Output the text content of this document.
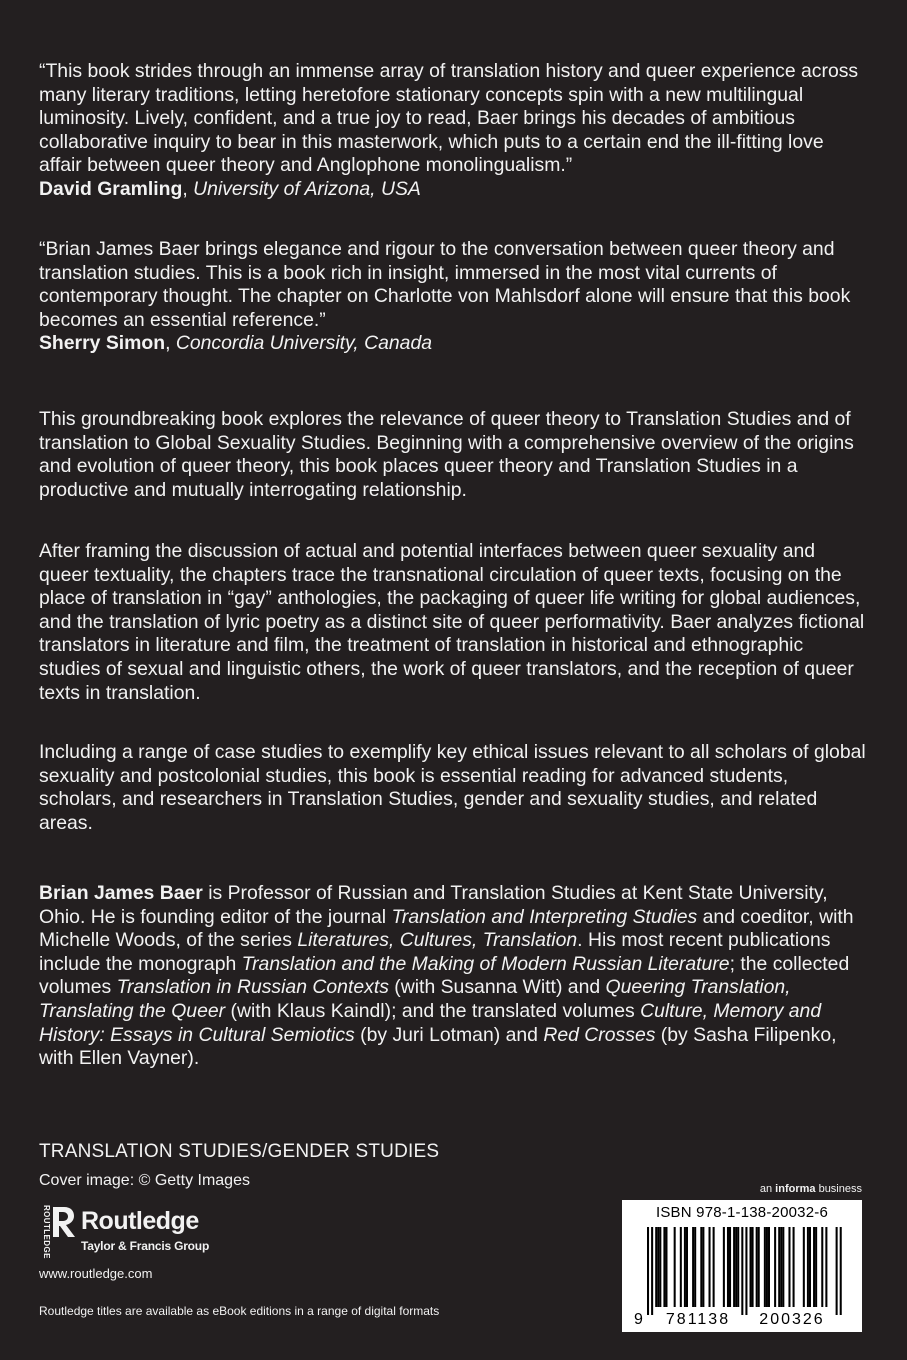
“This book strides through an immense array of translation history and queer experience across many literary traditions, letting heretofore stationary concepts spin with a new multilingual luminosity. Lively, confident, and a true joy to read, Baer brings his decades of ambitious collaborative inquiry to bear in this masterwork, which puts to a certain end the ill-fitting love affair between queer theory and Anglophone monolingualism.”
David Gramling, University of Arizona, USA

“Brian James Baer brings elegance and rigour to the conversation between queer theory and translation studies. This is a book rich in insight, immersed in the most vital currents of contemporary thought. The chapter on Charlotte von Mahlsdorf alone will ensure that this book becomes an essential reference.”
Sherry Simon, Concordia University, Canada

This groundbreaking book explores the relevance of queer theory to Translation Studies and of translation to Global Sexuality Studies. Beginning with a comprehensive overview of the origins and evolution of queer theory, this book places queer theory and Translation Studies in a productive and mutually interrogating relationship.

After framing the discussion of actual and potential interfaces between queer sexuality and queer textuality, the chapters trace the transnational circulation of queer texts, focusing on the place of translation in “gay” anthologies, the packaging of queer life writing for global audiences, and the translation of lyric poetry as a distinct site of queer performativity. Baer analyzes fictional translators in literature and film, the treatment of translation in historical and ethnographic studies of sexual and linguistic others, the work of queer translators, and the reception of queer texts in translation.

Including a range of case studies to exemplify key ethical issues relevant to all scholars of global sexuality and postcolonial studies, this book is essential reading for advanced students, scholars, and researchers in Translation Studies, gender and sexuality studies, and related areas.

Brian James Baer is Professor of Russian and Translation Studies at Kent State University, Ohio. He is founding editor of the journal Translation and Interpreting Studies and coeditor, with Michelle Woods, of the series Literatures, Cultures, Translation. His most recent publications include the monograph Translation and the Making of Modern Russian Literature; the collected volumes Translation in Russian Contexts (with Susanna Witt) and Queering Translation, Translating the Queer (with Klaus Kaindl); and the translated volumes Culture, Memory and History: Essays in Cultural Semiotics (by Juri Lotman) and Red Crosses (by Sasha Filipenko, with Ellen Vayner).

TRANSLATION STUDIES/GENDER STUDIES

Cover image: © Getty Images

ROUTLEDGE Routledge
Taylor & Francis Group

www.routledge.com

Routledge titles are available as eBook editions in a range of digital formats

an informa business

ISBN 978-1-138-20032-6
9 781138 200326
